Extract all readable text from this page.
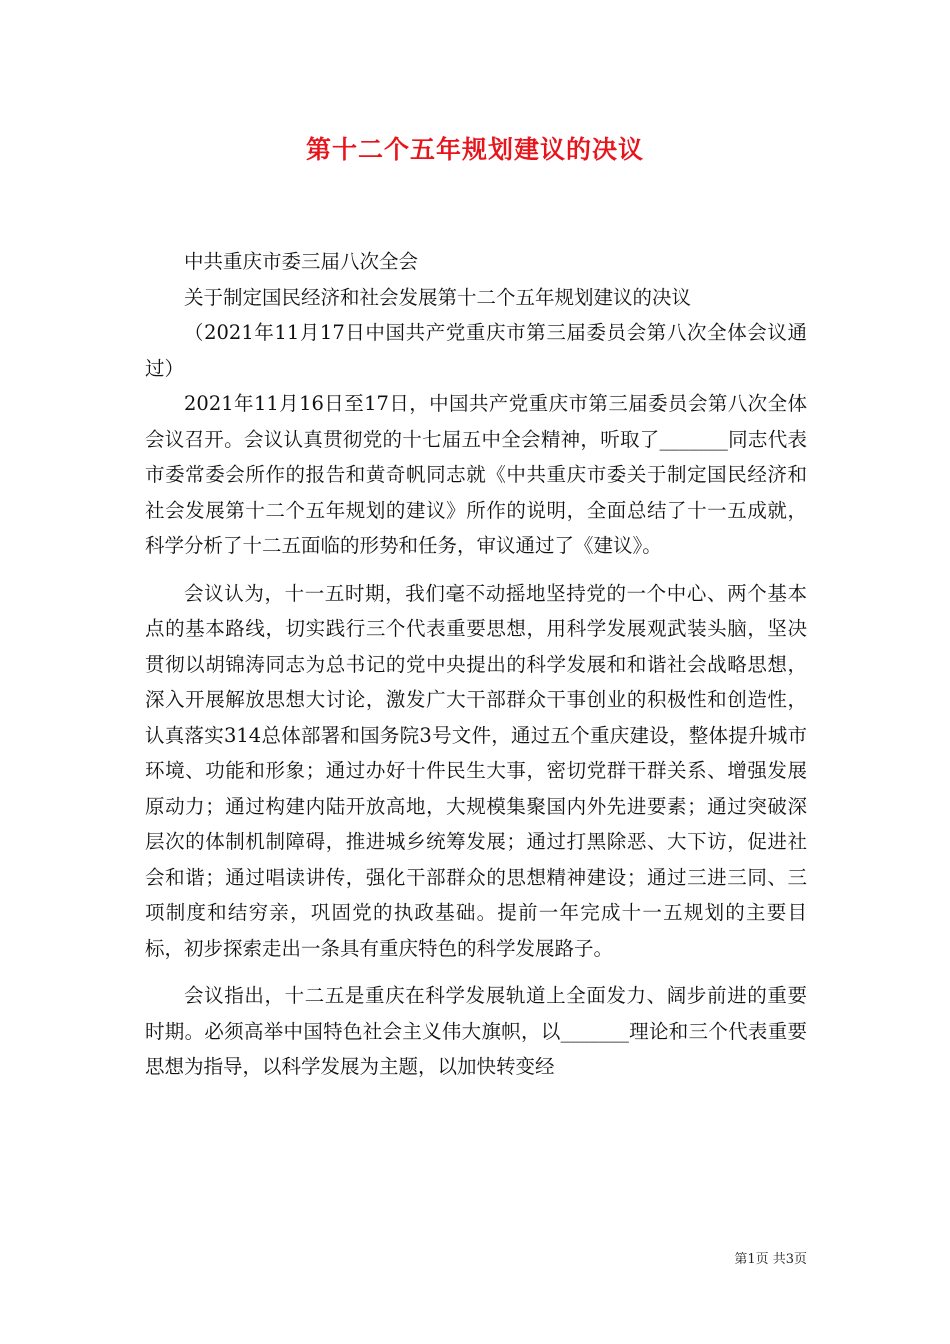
第十二个五年规划建议的决议

中共重庆市委三届八次全会

关于制定国民经济和社会发展第十二个五年规划建议的决议

（2021年11月17日中国共产党重庆市第三届委员会第八次全体会议通过）

2021年11月16日至17日，中国共产党重庆市第三届委员会第八次全体会议召开。会议认真贯彻党的十七届五中全会精神，听取了_______同志代表市委常委会所作的报告和黄奇帆同志就《中共重庆市委关于制定国民经济和社会发展第十二个五年规划的建议》所作的说明，全面总结了十一五成就，科学分析了十二五面临的形势和任务，审议通过了《建议》。

会议认为，十一五时期，我们毫不动摇地坚持党的一个中心、两个基本点的基本路线，切实践行三个代表重要思想，用科学发展观武装头脑，坚决贯彻以胡锦涛同志为总书记的党中央提出的科学发展和和谐社会战略思想，深入开展解放思想大讨论，激发广大干部群众干事创业的积极性和创造性，认真落实314总体部署和国务院3号文件，通过五个重庆建设，整体提升城市环境、功能和形象；通过办好十件民生大事，密切党群干群关系、增强发展原动力；通过构建内陆开放高地，大规模集聚国内外先进要素；通过突破深层次的体制机制障碍，推进城乡统筹发展；通过打黑除恶、大下访，促进社会和谐；通过唱读讲传，强化干部群众的思想精神建设；通过三进三同、三项制度和结穷亲，巩固党的执政基础。提前一年完成十一五规划的主要目标，初步探索走出一条具有重庆特色的科学发展路子。

会议指出，十二五是重庆在科学发展轨道上全面发力、阔步前进的重要时期。必须高举中国特色社会主义伟大旗帜，以_______理论和三个代表重要思想为指导，以科学发展为主题，以加快转变经

第1页 共3页
